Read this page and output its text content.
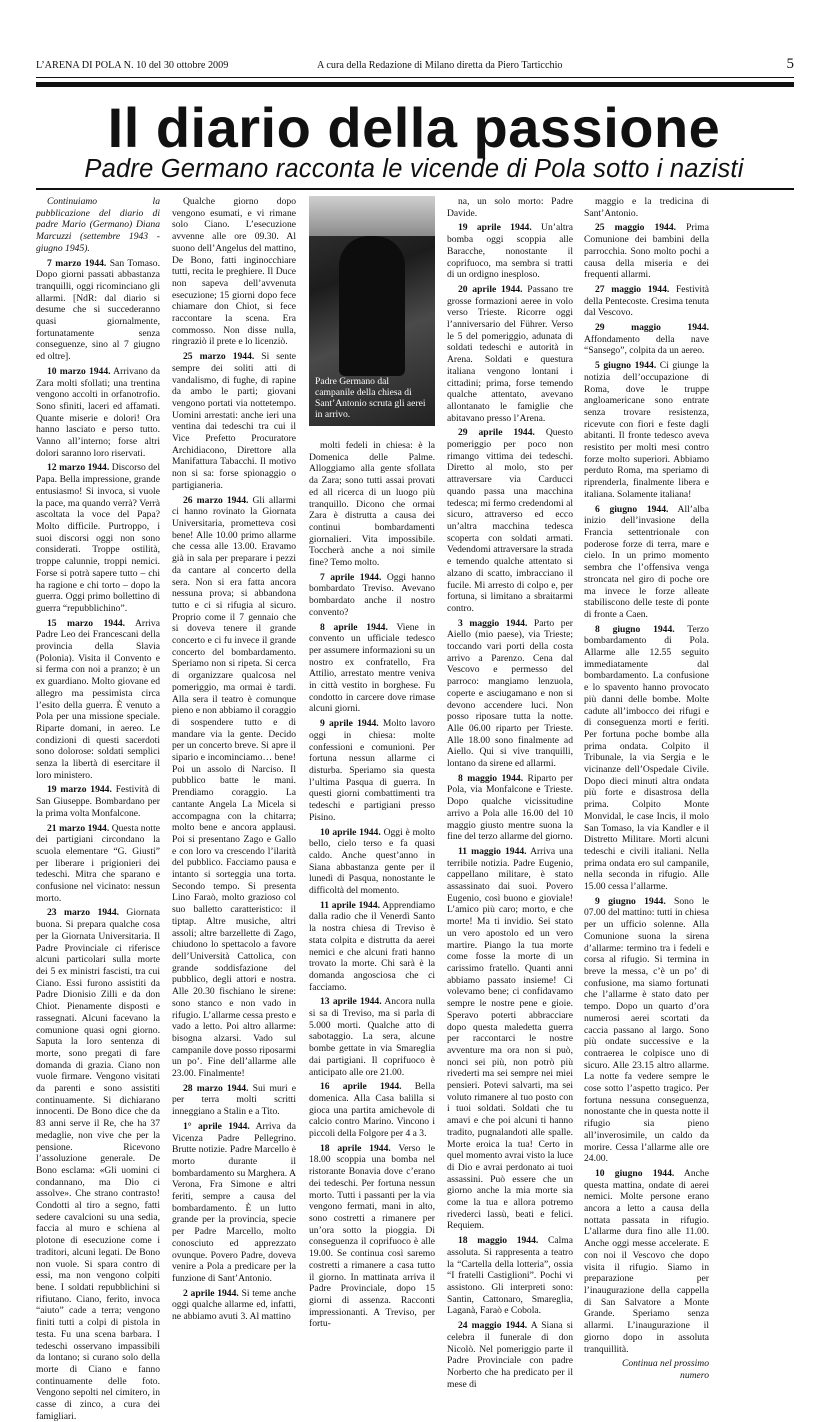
L’ARENA DI POLA N. 10 del 30 ottobre 2009	A cura della Redazione di Milano diretta da Piero Tarticchio	5
Il diario della passione
Padre Germano racconta le vicende di Pola sotto i nazisti
Padre Germano dal campanile della chiesa di Sant’Antonio scruta gli aerei in arrivo.

Continuiamo la pubblicazione del diario di padre Mario (Germano) Diana Marcuzzi (settembre 1943 - giugno 1945).

7 marzo 1944. San Tomaso. Dopo giorni passati abbastanza tranquilli, oggi ricominciano gli allarmi. [NdR: dal diario si desume che si succederanno quasi giornalmente, fortunatamente senza conseguenze, sino al 7 giugno ed oltre].

10 marzo 1944. Arrivano da Zara molti sfollati; una trentina vengono accolti in orfanotrofio. Sono sfiniti, laceri ed affamati. Quante miserie e dolori! Ora hanno lasciato e perso tutto. Vanno all’interno; forse altri dolori saranno loro riservati.

12 marzo 1944. Discorso del Papa. Bella impressione, grande entusiasmo! Si invoca, si vuole la pace, ma quando verrà? Verrà ascoltata la voce del Papa? Molto difficile. Purtroppo, i suoi discorsi oggi non sono considerati. Troppe ostilità, troppe calunnie, troppi nemici. Forse si potrà sapere tutto – chi ha ragione e chi torto – dopo la guerra. Oggi primo bollettino di guerra “repubblichino”.

15 marzo 1944. Arriva Padre Leo dei Francescani della provincia della Slavia (Polonia). Visita il Convento e si ferma con noi a pranzo; è un ex guardiano. Molto giovane ed allegro ma pessimista circa l’esito della guerra. È venuto a Pola per una missione speciale. Riparte domani, in aereo. Le condizioni di questi sacerdoti sono dolorose: soldati semplici senza la libertà di esercitare il loro ministero.

19 marzo 1944. Festività di San Giuseppe. Bombardano per la prima volta Monfalcone.

21 marzo 1944. Questa notte dei partigiani circondano la scuola elementare “G. Giusti” per liberare i prigionieri dei tedeschi. Mitra che sparano e confusione nel vicinato: nessun morto.

23 marzo 1944. Giornata buona. Si prepara qualche cosa per la Giornata Universitaria. Il Padre Provinciale ci riferisce alcuni particolari sulla morte dei 5 ex ministri fascisti, tra cui Ciano. Essi furono assistiti da Padre Dionisio Zilli e da don Chiot. Pienamente disposti e rassegnati. Alcuni facevano la comunione quasi ogni giorno. Saputa la loro sentenza di morte, sono pregati di fare domanda di grazia. Ciano non vuole firmare. Vengono visitati da parenti e sono assistiti continuamente. Si dichiarano innocenti. De Bono dice che da 83 anni serve il Re, che ha 37 medaglie, non vive che per la pensione. Ricevono l’assoluzione generale. De Bono esclama: «Gli uomini ci condannano, ma Dio ci assolve». Che strano contrasto! Condotti al tiro a segno, fatti sedere cavalcioni su una sedia, faccia al muro e schiena al plotone di esecuzione come i traditori, alcuni legati. De Bono non vuole. Si spara contro di essi, ma non vengono colpiti bene. I soldati repubblichini si rifiutano. Ciano, ferito, invoca “aiuto” cade a terra; vengono finiti tutti a colpi di pistola in testa. Fu una scena barbara. I tedeschi osservano impassibili da lontano; si curano solo della morte di Ciano e fanno continuamente delle foto. Vengono sepolti nel cimitero, in casse di zinco, a cura dei famigliari.

Qualche giorno dopo vengono esumati, e vi rimane solo Ciano. L’esecuzione avvenne alle ore 09.30. Al suono dell’Angelus del mattino, De Bono, fatti inginocchiare tutti, recita le preghiere. Il Duce non sapeva dell’avvenuta esecuzione; 15 giorni dopo fece chiamare don Chiot, si fece raccontare la scena. Era commosso. Non disse nulla, ringraziò il prete e lo licenziò.

25 marzo 1944. Si sente sempre dei soliti atti di vandalismo, di fughe, di rapine da ambo le parti; giovani vengono portati via nottetempo. Uomini arrestati: anche ieri una ventina dai tedeschi tra cui il Vice Prefetto Procuratore Archidiacono, Direttore alla Manifattura Tabacchi. Il motivo non si sa: forse spionaggio o partigianeria.

26 marzo 1944. Gli allarmi ci hanno rovinato la Giornata Universitaria, prometteva così bene! Alle 10.00 primo allarme che cessa alle 13.00. Eravamo già in sala per preparare i pezzi da cantare al concerto della sera. Non si era fatta ancora nessuna prova; si abbandona tutto e ci si rifugia al sicuro. Proprio come il 7 gennaio che si doveva tenere il grande concerto e ci fu invece il grande concerto del bombardamento. Speriamo non si ripeta. Si cerca di organizzare qualcosa nel pomeriggio, ma ormai è tardi. Alla sera il teatro è comunque pieno e non abbiamo il coraggio di sospendere tutto e di mandare via la gente. Decido per un concerto breve. Si apre il sipario e incominciamo… bene! Poi un assolo di Narciso. Il pubblico batte le mani. Prendiamo coraggio. La cantante Angela La Micela si accompagna con la chitarra; molto bene e ancora applausi. Poi si presentano Zago e Gallo e con loro va crescendo l’ilarità del pubblico. Facciamo pausa e intanto si sorteggia una torta. Secondo tempo. Si presenta Lino Faraò, molto grazioso col suo balletto caratteristico: il tiptap. Altre musiche, altri assoli; altre barzellette di Zago, chiudono lo spettacolo a favore dell’Università Cattolica, con grande soddisfazione del pubblico, degli attori e nostra. Alle 20.30 fischiano le sirene: sono stanco e non vado in rifugio. L’allarme cessa presto e vado a letto. Poi altro allarme: bisogna alzarsi. Vado sul campanile dove posso riposarmi un po’. Fine dell’allarme alle 23.00. Finalmente!

28 marzo 1944. Sui muri e per terra molti scritti inneggiano a Stalin e a Tito.

1° aprile 1944. Arriva da Vicenza Padre Pellegrino. Brutte notizie. Padre Marcello è morto durante il bombardamento su Marghera. A Verona, Fra Simone e altri feriti, sempre a causa del bombardamento. È un lutto grande per la provincia, specie per Padre Marcello, molto conosciuto ed apprezzato ovunque. Povero Padre, doveva venire a Pola a predicare per la funzione di Sant’Antonio.

2 aprile 1944. Si teme anche oggi qualche allarme ed, infatti, ne abbiamo avuti 3. Al mattino

molti fedeli in chiesa: è la Domenica delle Palme. Alloggiamo alla gente sfollata da Zara; sono tutti assai provati ed all ricerca di un luogo più tranquillo. Dicono che ormai Zara è distrutta a causa dei continui bombardamenti giornalieri. Vita impossibile. Toccherà anche a noi simile fine? Temo molto.

7 aprile 1944. Oggi hanno bombardato Treviso. Avevano bombardato anche il nostro convento?

8 aprile 1944. Viene in convento un ufficiale tedesco per assumere informazioni su un nostro ex confratello, Fra Attilio, arrestato mentre veniva in città vestito in borghese. Fu condotto in carcere dove rimase alcuni giorni.

9 aprile 1944. Molto lavoro oggi in chiesa: molte confessioni e comunioni. Per fortuna nessun allarme ci disturba. Speriamo sia questa l’ultima Pasqua di guerra. In questi giorni combattimenti tra tedeschi e partigiani presso Pisino.

10 aprile 1944. Oggi è molto bello, cielo terso e fa quasi caldo. Anche quest’anno in Siana abbastanza gente per il lunedì di Pasqua, nonostante le difficoltà del momento.

11 aprile 1944. Apprendiamo dalla radio che il Venerdì Santo la nostra chiesa di Treviso è stata colpita e distrutta da aerei nemici e che alcuni frati hanno trovato la morte. Chi sarà è la domanda angosciosa che ci facciamo.

13 aprile 1944. Ancora nulla si sa di Treviso, ma si parla di 5.000 morti. Qualche atto di sabotaggio. La sera, alcune bombe gettate in via Smareglia dai partigiani. Il coprifuoco è anticipato alle ore 21.00.

16 aprile 1944. Bella domenica. Alla Casa balilla si gioca una partita amichevole di calcio contro Marino. Vincono i piccoli della Folgore per 4 a 3.

18 aprile 1944. Verso le 18.00 scoppia una bomba nel ristorante Bonavia dove c’erano dei tedeschi. Per fortuna nessun morto. Tutti i passanti per la via vengono fermati, mani in alto, sono costretti a rimanere per un’ora sotto la pioggia. Di conseguenza il coprifuoco è alle 19.00. Se continua così saremo costretti a rimanere a casa tutto il giorno. In mattinata arriva il Padre Provinciale, dopo 15 giorni di assenza. Racconti impressionanti. A Treviso, per fortu-

na, un solo morto: Padre Davide.

19 aprile 1944. Un’altra bomba oggi scoppia alle Baracche, nonostante il coprifuoco, ma sembra si tratti di un ordigno inesploso.

20 aprile 1944. Passano tre grosse formazioni aeree in volo verso Trieste. Ricorre oggi l’anniversario del Führer. Verso le 5 del pomeriggio, adunata di soldati tedeschi e autorità in Arena. Soldati e questura italiana vengono lontani i cittadini; prima, forse temendo qualche attentato, avevano allontanato le famiglie che abitavano presso l’Arena.

29 aprile 1944. Questo pomeriggio per poco non rimango vittima dei tedeschi. Diretto al molo, sto per attraversare via Carducci quando passa una macchina tedesca; mi fermo credendomi al sicuro, attraverso ed ecco un’altra macchina tedesca scoperta con soldati armati. Vedendomi attraversare la strada e temendo qualche attentato si alzano di scatto, imbracciano il fucile. Mi arresto di colpo e, per fortuna, si limitano a sbraitarmi contro.

3 maggio 1944. Parto per Aiello (mio paese), via Trieste; toccando vari porti della costa arrivo a Parenzo. Cena dal Vescovo e permesso del parroco: mangiamo lenzuola, coperte e asciugamano e non si devono accendere luci. Non posso riposare tutta la notte. Alle 06.00 riparto per Trieste. Alle 18.00 sono finalmente ad Aiello. Qui si vive tranquilli, lontano da sirene ed allarmi.

8 maggio 1944. Riparto per Pola, via Monfalcone e Trieste. Dopo qualche vicissitudine arrivo a Pola alle 16.00 del 10 maggio giusto mentre suona la fine del terzo allarme del giorno.

11 maggio 1944. Arriva una terribile notizia. Padre Eugenio, cappellano militare, è stato assassinato dai suoi. Povero Eugenio, così buono e gioviale! L’amico più caro; morto, e che morte! Ma ti invidio. Sei stato un vero apostolo ed un vero martire. Piango la tua morte come fosse la morte di un carissimo fratello. Quanti anni abbiamo passato insieme! Ci volevamo bene; ci confidavamo sempre le nostre pene e gioie. Speravo poterti abbracciare dopo questa maledetta guerra per raccontarci le nostre avventure ma ora non si può, nonci sei più, non potrò più rivederti ma sei sempre nei miei pensieri. Potevi salvarti, ma sei voluto rimanere al tuo posto con i tuoi soldati. Soldati che tu amavi e che poi alcuni ti hanno tradito, pugnalandoti alle spalle. Morte eroica la tua! Certo in quel momento avrai visto la luce di Dio e avrai perdonato ai tuoi assassini. Può essere che un giorno anche la mia morte sia come la tua e allora potremo rivederci lassù, beati e felici. Requiem.

18 maggio 1944. Calma assoluta. Si rappresenta a teatro la “Cartella della lotteria”, ossia “I fratelli Castiglioni”. Pochi vi assistono. Gli interpreti sono: Santin, Cattonaro, Smareglia, Laganà, Faraò e Cobola.

24 maggio 1944. A Siana si celebra il funerale di don Nicolò. Nel pomeriggio parte il Padre Provinciale con padre Norberto che ha predicato per il mese di

maggio e la tredicina di Sant’Antonio.

25 maggio 1944. Prima Comunione dei bambini della parrocchia. Sono molto pochi a causa della miseria e dei frequenti allarmi.

27 maggio 1944. Festività della Pentecoste. Cresima tenuta dal Vescovo.

29 maggio 1944. Affondamento della nave “Sansego”, colpita da un aereo.

5 giugno 1944. Ci giunge la notizia dell’occupazione di Roma, dove le truppe angloamericane sono entrate senza trovare resistenza, ricevute con fiori e feste dagli abitanti. Il fronte tedesco aveva resistito per molti mesi contro forze molto superiori. Abbiamo perduto Roma, ma speriamo di riprenderla, finalmente libera e italiana. Solamente italiana!

6 giugno 1944. All’alba inizio dell’invasione della Francia settentrionale con poderose forze di terra, mare e cielo. In un primo momento sembra che l’offensiva venga stroncata nel giro di poche ore ma invece le forze alleate stabiliscono delle teste di ponte di fronte a Caen.

8 giugno 1944. Terzo bombardamento di Pola. Allarme alle 12.55 seguito immediatamente dal bombardamento. La confusione e lo spavento hanno provocato più danni delle bombe. Molte cadute all’imbocco dei rifugi e di conseguenza morti e feriti. Per fortuna poche bombe alla prima ondata. Colpito il Tribunale, la via Sergia e le vicinanze dell’Ospedale Civile. Dopo dieci minuti altra ondata più forte e disastrosa della prima. Colpito Monte Monvidal, le case Incis, il molo San Tomaso, la via Kandler e il Distretto Militare. Morti alcuni tedeschi e civili italiani. Nella prima ondata ero sul campanile, nella seconda in rifugio. Alle 15.00 cessa l’allarme.

9 giugno 1944. Sono le 07.00 del mattino: tutti in chiesa per un ufficio solenne. Alla Comunione suona la sirena d’allarme: termino tra i fedeli e corsa al rifugio. Si termina in breve la messa, c’è un po’ di confusione, ma siamo fortunati che l’allarme è stato dato per tempo. Dopo un quarto d’ora numerosi aerei scortati da caccia passano al largo. Sono più ondate successive e la contraerea le colpisce uno di sicuro. Alle 23.15 altro allarme. La notte fa vedere sempre le cose sotto l’aspetto tragico. Per fortuna nessuna conseguenza, nonostante che in questa notte il rifugio sia pieno all’inverosimile, un caldo da morire. Cessa l’allarme alle ore 24.00.

10 giugno 1944. Anche questa mattina, ondate di aerei nemici. Molte persone erano ancora a letto a causa della nottata passata in rifugio. L’allarme dura fino alle 11.00. Anche oggi messe accelerate. E con noi il Vescovo che dopo visita il rifugio. Siamo in preparazione per l’inaugurazione della cappella di San Salvatore a Monte Grande. Speriamo senza allarmi. L’inaugurazione il giorno dopo in assoluta tranquillità.

Continua nel prossimo numero
